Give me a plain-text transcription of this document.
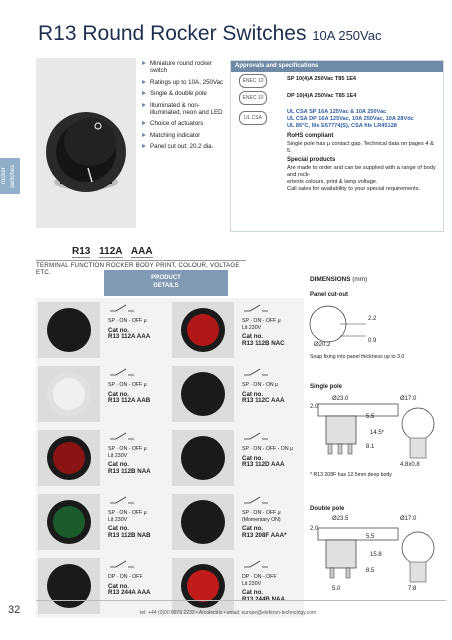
R13 Round Rocker Switches 10A 250Vac
rocker switches
Miniature round rocker switch
Ratings up to 10A, 250Vac
Single & double pole
Illuminated & non-illuminated, neon and LED
Choice of actuators
Matching indicator
Panel cut out: 20.2 dia.
Approvals and specifications
ENEC 10	SP 10(4)A 250Vac T85 1E4
ENEC 10	DP 10(4)A 250Vac T85 1E4
UL CSA
UL CSA SP 16A 125Vac & 10A 250Vac
UL CSA DP 16A 125Vac, 10A 250Vac, 10A 28Vdc
UL 85°C, file E67774(S), CSA file LR45128
RoHS compliant
Single pole has μ contact gap. Technical data on pages 4 & 5.
Special products
Are made to order and can be supplied with a range of body and rock-
erlents colours, print & lamp voltage.
Call sales for availability to your special requirements.
R13 112A AAA
TERMINAL FUNCTION ROCKER BODY PRINT, COLOUR, VOLTAGE ETC.
PRODUCT
DETAILS
SP · ON - OFF μ
Cat no.
R13 112A AAA
SP · ON - OFF μ
Cat no.
R13 112A AAB
SP · ON - OFF μ
Lit 230V
Cat no.
R13 112B NAA
SP · ON - OFF μ
Lit 230V
Cat no.
R13 112B NAB
DP · ON - OFF
Cat no.
R13 244A AAA
SP · ON - OFF μ
Lit 230V
Cat no.
R13 112B NAC
SP · ON - ON μ
Cat no.
R13 112C AAA
SP · ON - OFF - ON μ
Cat no.
R13 112D AAA
SP · ON - OFF μ
(Momentary ON)
Cat no.
R13 208F AAA*
DP · ON - OFF
Lit 230V
Cat no.
DIMENSIONS (mm)
Panel cut-out
Ø20.2
2.2
0.9
Snap fixing into panel thickness up to 3.0
Single pole
Ø23.0	Ø17.0
2.0
5.5
14.5*
8.1
4.8x0.8
* R13 208F has 12.5mm deep body
Double pole
Ø23.5	Ø17.0
2.0
5.5
15.8
8.5
5.0	7.8
32	tel: +44 (0)00 8979 2232 • Arcolectric • email: europe@elektron-technology.com
